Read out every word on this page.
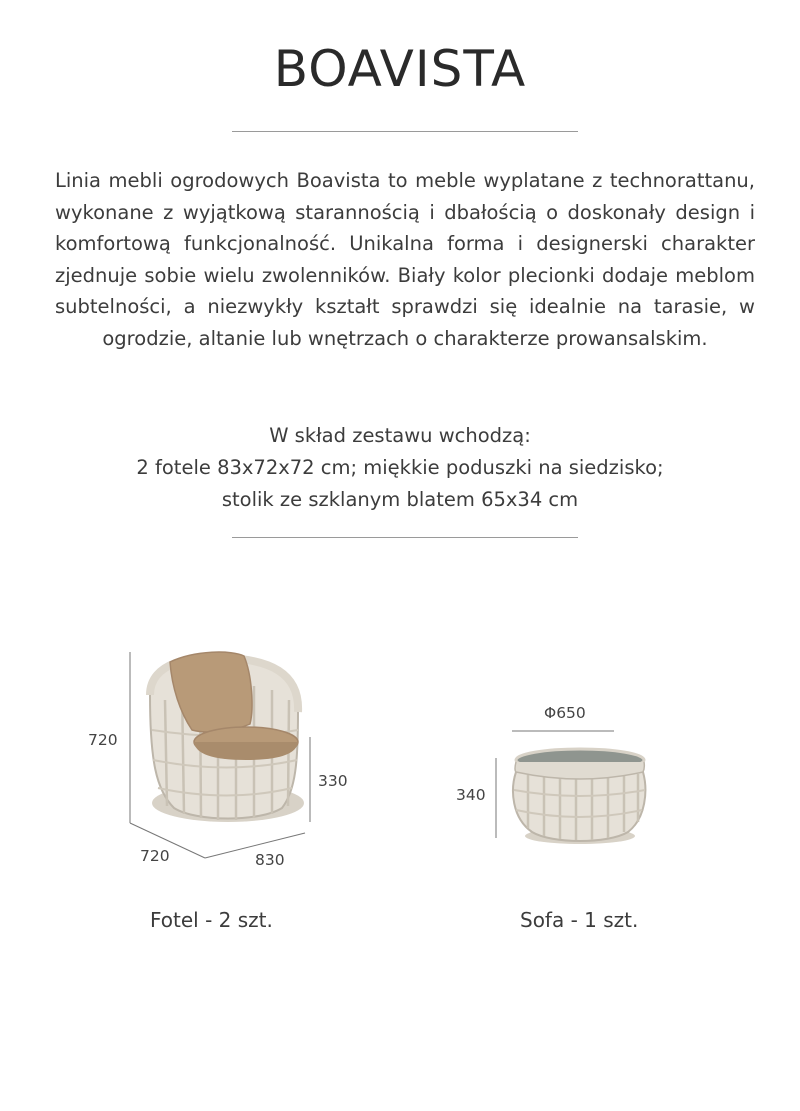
BOAVISTA
Linia mebli ogrodowych Boavista to meble wyplatane z technorattanu, wykonane z wyjątkową starannością i dbałością o doskonały design i komfortową funkcjonalność. Unikalna forma i designerski charakter zjednuje sobie wielu zwolenników. Biały kolor plecionki dodaje meblom subtelności, a niezwykły kształt sprawdzi się idealnie na tarasie, w ogrodzie, altanie lub wnętrzach o charakterze prowansalskim.
W skład zestawu wchodzą:
2 fotele 83x72x72 cm; miękkie poduszki na siedzisko;
stolik ze szklanym blatem 65x34 cm
720
330
720	830
Fotel - 2 szt.
Φ650
340
Sofa - 1 szt.
